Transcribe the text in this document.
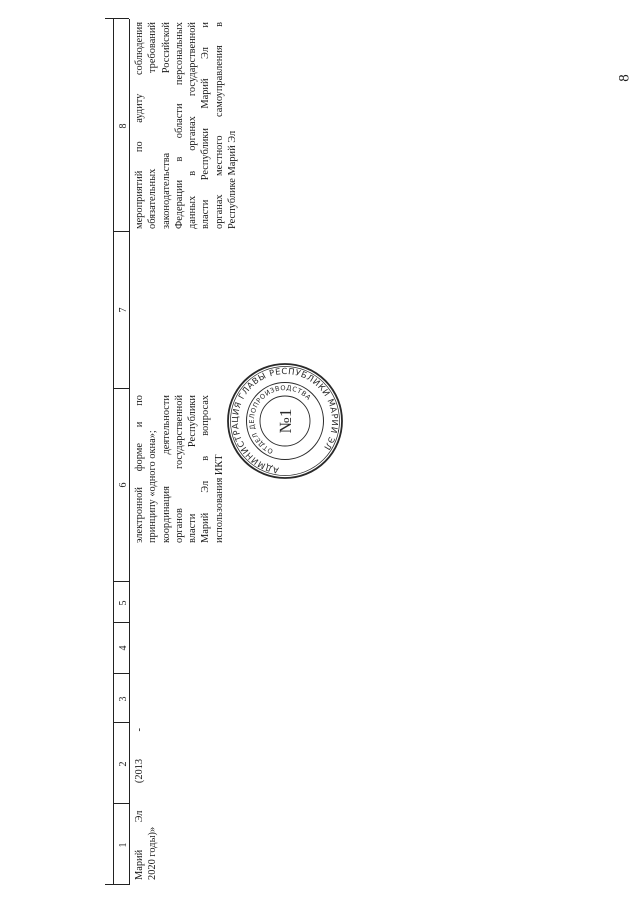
8
1
2
3
4
5
6
7
8
Марий Эл (2013 - 2020 годы)»
электронной форме и по принципу «одного окна»; координация деятельности органов государственной власти Республики Марий Эл в вопросах использования ИКТ
мероприятий по аудиту соблюдения обязательных требований законодательства Российской Федерации в области персональных данных в органах государственной власти Республики Марий Эл и органах местного самоуправления в Республике Марий Эл
АДМИНИСТРАЦИЯ ГЛАВЫ РЕСПУБЛИКИ МАРИЙ ЭЛ
ОТДЕЛ ДЕЛОПРОИЗВОДСТВА
№1
